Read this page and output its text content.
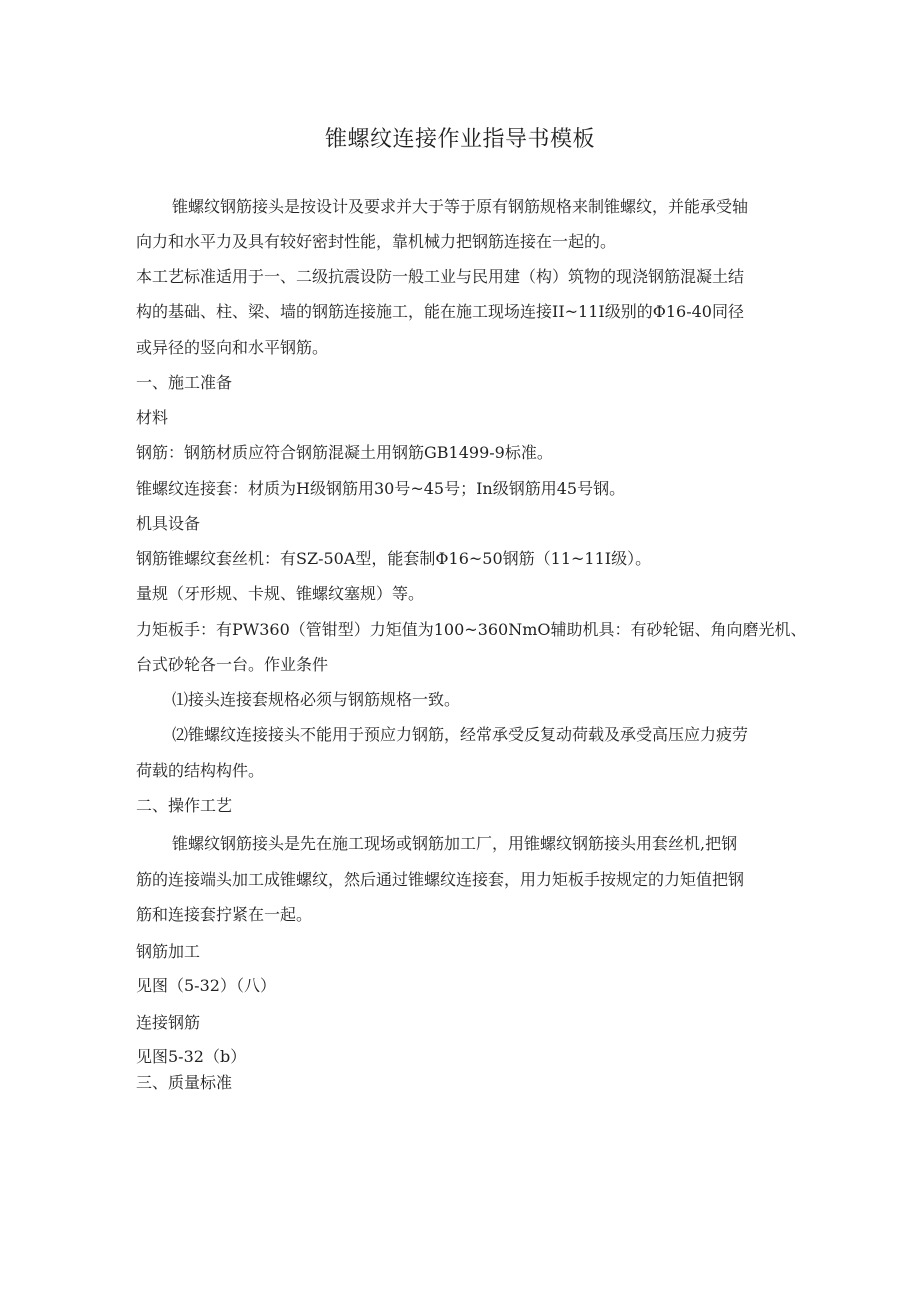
锥螺纹连接作业指导书模板
锥螺纹钢筋接头是按设计及要求并大于等于原有钢筋规格来制锥螺纹，并能承受轴
向力和水平力及具有较好密封性能，靠机械力把钢筋连接在一起的。
本工艺标准适用于一、二级抗震设防一般工业与民用建（构）筑物的现浇钢筋混凝土结
构的基础、柱、梁、墙的钢筋连接施工，能在施工现场连接II~11I级别的Φ16-40同径
或异径的竖向和水平钢筋。
一、施工准备
材料
钢筋：钢筋材质应符合钢筋混凝土用钢筋GB1499-9标准。
锥螺纹连接套：材质为H级钢筋用30号~45号；In级钢筋用45号钢。
机具设备
钢筋锥螺纹套丝机：有SZ-50A型，能套制Φ16~50钢筋（11~11I级）。
量规（牙形规、卡规、锥螺纹塞规）等。
力矩板手：有PW360（管钳型）力矩值为100~360NmO辅助机具：有砂轮锯、角向磨光机、
台式砂轮各一台。作业条件
⑴接头连接套规格必须与钢筋规格一致。
⑵锥螺纹连接接头不能用于预应力钢筋，经常承受反复动荷载及承受高压应力疲劳
荷载的结构构件。
二、操作工艺
锥螺纹钢筋接头是先在施工现场或钢筋加工厂，用锥螺纹钢筋接头用套丝机,把钢
筋的连接端头加工成锥螺纹，然后通过锥螺纹连接套，用力矩板手按规定的力矩值把钢
筋和连接套拧紧在一起。
钢筋加工
见图（5-32）（八）
连接钢筋
见图5-32（b）
三、质量标准
